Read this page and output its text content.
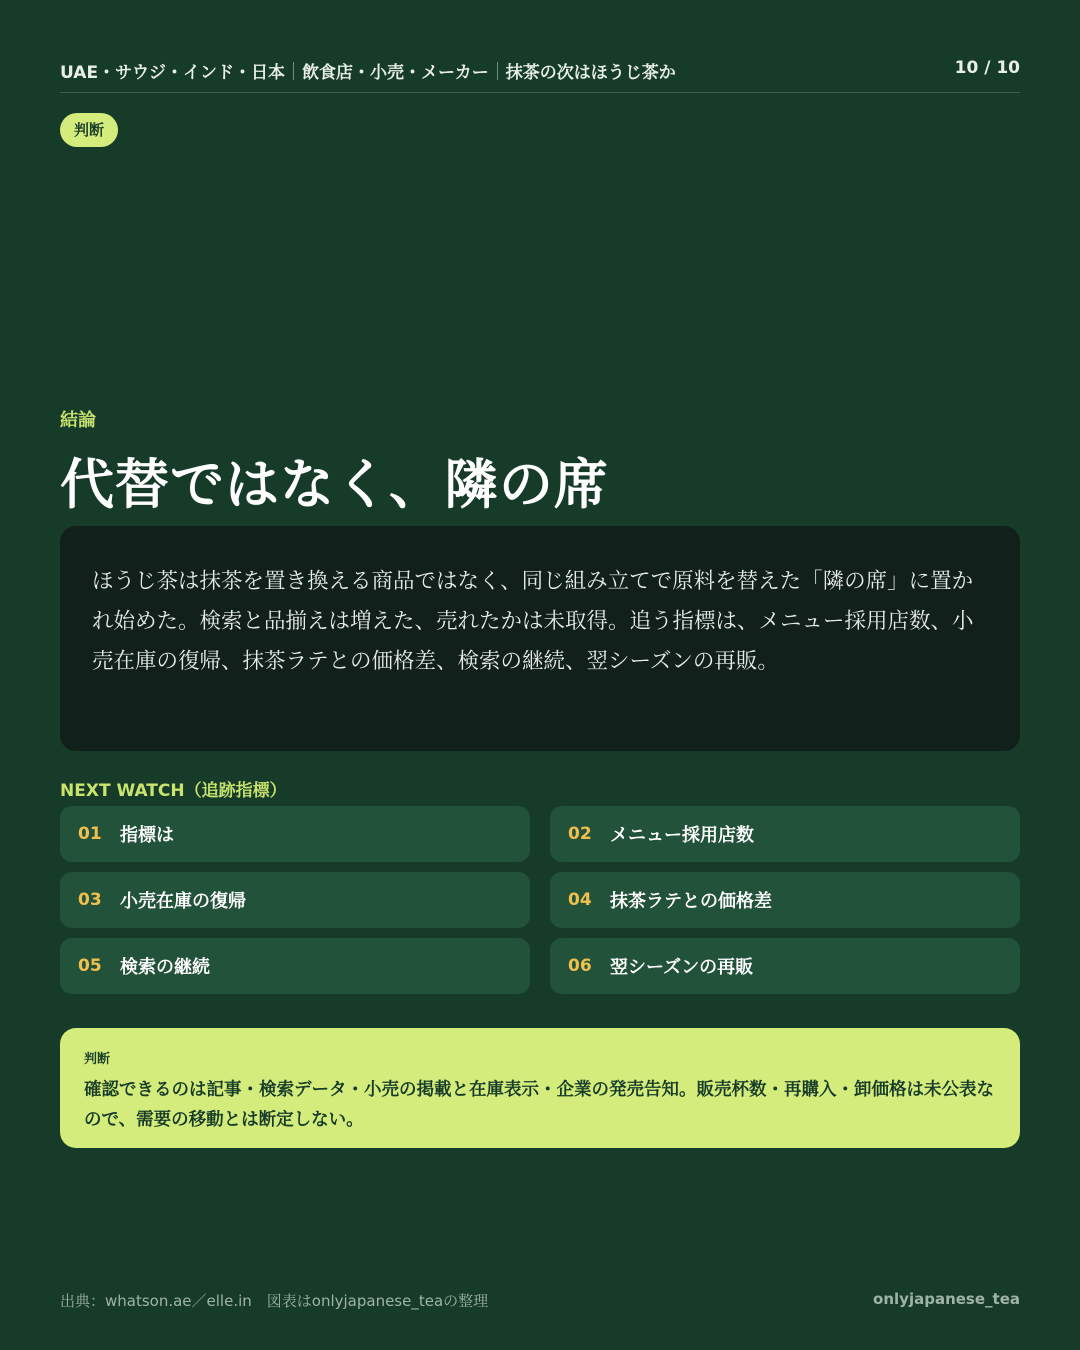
UAE・サウジ・インド・日本 飲食店・小売・メーカー 抹茶の次はほうじ茶か	10 / 10
判断
結論
代替ではなく、隣の席

ほうじ茶は抹茶を置き換える商品ではなく、同じ組み立てで原料を替えた「隣の席」に置かれ始めた。検索と品揃えは増えた、売れたかは未取得。追う指標は、メニュー採用店数、小売在庫の復帰、抹茶ラテとの価格差、検索の継続、翌シーズンの再販。

NEXT WATCH（追跡指標）
01	指標は	02	メニュー採用店数
03	小売在庫の復帰	04	抹茶ラテとの価格差
05	検索の継続	06	翌シーズンの再販
判断

確認できるのは記事・検索データ・小売の掲載と在庫表示・企業の発売告知。販売杯数・再購入・卸価格は未公表なので、需要の移動とは断定しない。

出典：whatson.ae／elle.in　図表はonlyjapanese_teaの整理	onlyjapanese_tea
